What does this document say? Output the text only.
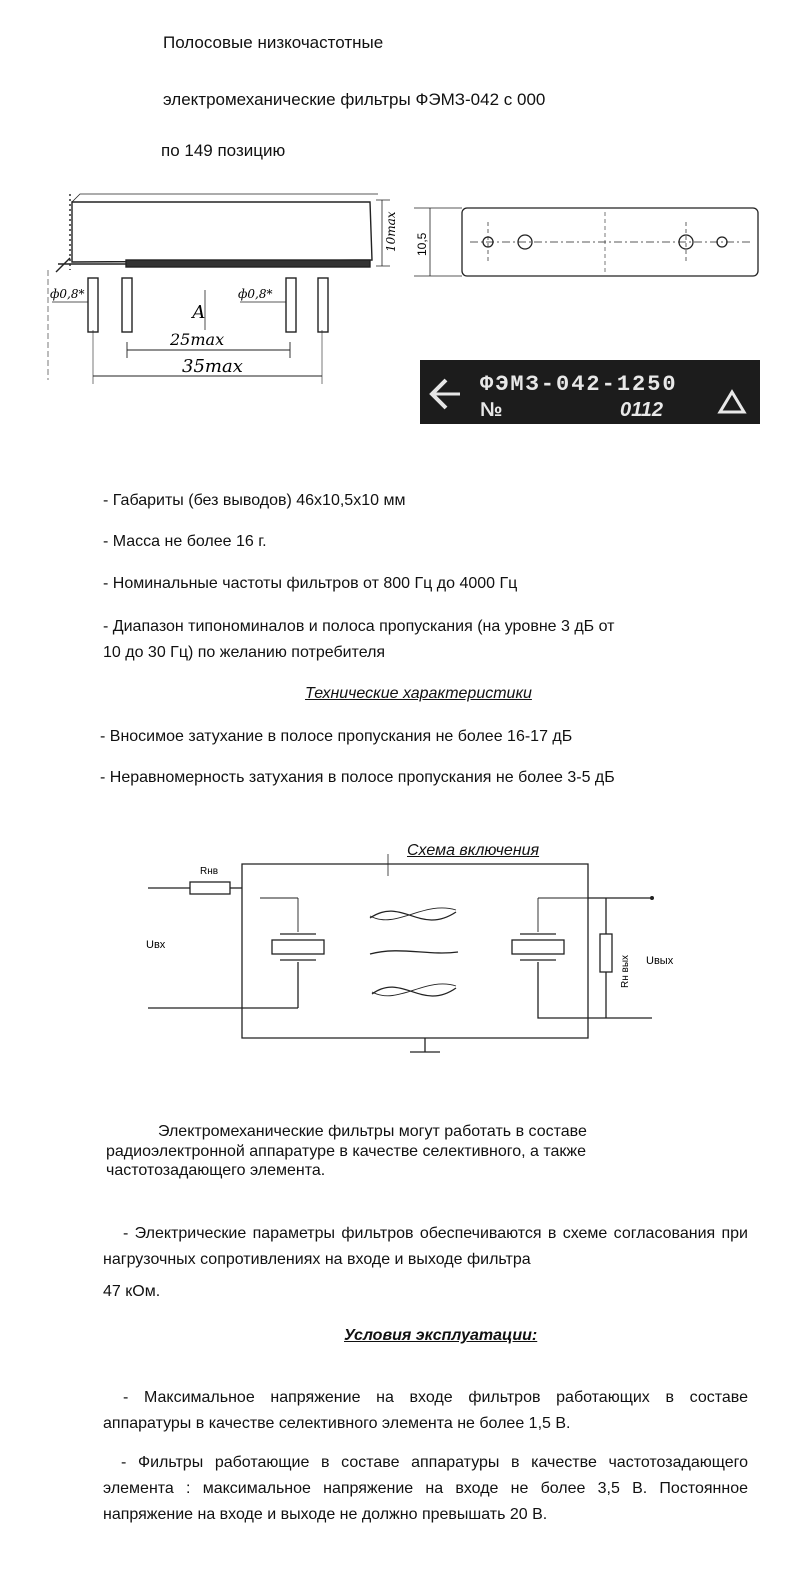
Полосовые низкочастотные

электромеханические фильтры ФЭМЗ-042 с 000

по 149 позицию

10max
ф0,8*	ф0,8*
А
25max
35max
10,5
ФЭМЗ-042-1250
№	0112

- Габариты (без выводов) 46х10,5х10 мм

- Масса не более 16 г.

- Номинальные частоты фильтров от 800 Гц до 4000 Гц

- Диапазон типономиналов и полоса пропускания (на уровне 3 дБ от

10 до 30 Гц) по желанию потребителя

Технические характеристики

- Вносимое затухание в полосе пропускания не более 16-17 дБ

- Неравномерность затухания в полосе пропускания не более 3-5 дБ

Схема включения

Rнв
Uвх
Rн вых Uвых

Электромеханические фильтры могут работать в составе

радиоэлектронной аппаратуре в качестве селективного, а также

частотозадающего элемента.

- Электрические параметры фильтров обеспечиваются в схеме согласования при нагрузочных сопротивлениях на входе и выходе фильтра

47 кОм.

Условия эксплуатации:

- Максимальное напряжение на входе фильтров работающих в составе аппаратуры в качестве селективного элемента не более 1,5 В.

- Фильтры работающие в составе аппаратуры в качестве частотозадающего элемента : максимальное напряжение на входе не более 3,5 В. Постоянное напряжение на входе и выходе не должно превышать 20 В.
